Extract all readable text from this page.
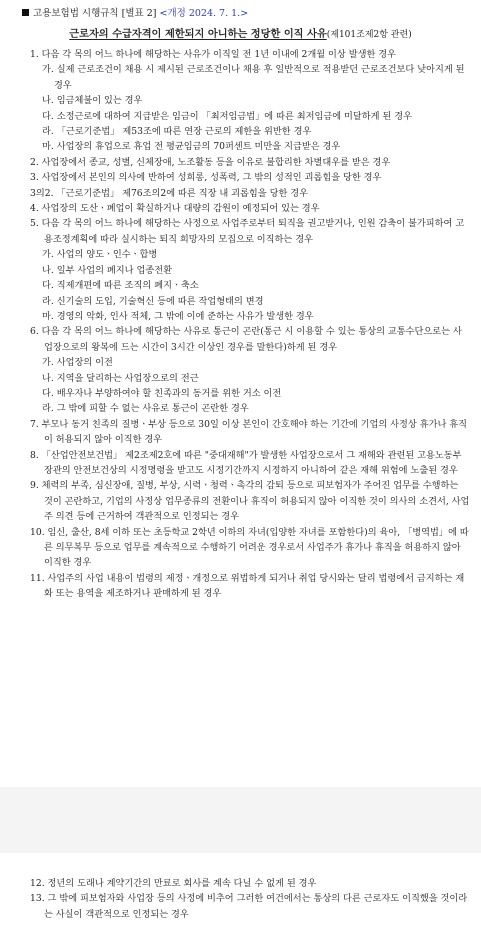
고용보험법 시행규칙 [별표 2] <개정 2024. 7. 1.>
근로자의 수급자격이 제한되지 아니하는 정당한 이직 사유(제101조제2항 관련)

1. 다음 각 목의 어느 하나에 해당하는 사유가 이직일 전 1년 이내에 2개월 이상 발생한 경우

가. 실제 근로조건이 채용 시 제시된 근로조건이나 채용 후 일반적으로 적용받던 근로조건보다 낮아지게 된 경우

나. 임금체불이 있는 경우

다. 소정근로에 대하여 지급받은 임금이 「최저임금법」에 따른 최저임금에 미달하게 된 경우

라. 「근로기준법」 제53조에 따른 연장 근로의 제한을 위반한 경우

마. 사업장의 휴업으로 휴업 전 평균임금의 70퍼센트 미만을 지급받은 경우

2. 사업장에서 종교, 성별, 신체장애, 노조활동 등을 이유로 불합리한 차별대우를 받은 경우

3. 사업장에서 본인의 의사에 반하여 성희롱, 성폭력, 그 밖의 성적인 괴롭힘을 당한 경우

3의2. 「근로기준법」 제76조의2에 따른 직장 내 괴롭힘을 당한 경우

4. 사업장의 도산ㆍ폐업이 확실하거나 대량의 감원이 예정되어 있는 경우

5. 다음 각 목의 어느 하나에 해당하는 사정으로 사업주로부터 퇴직을 권고받거나, 인원 감축이 불가피하여 고용조정계획에 따라 실시하는 퇴직 희망자의 모집으로 이직하는 경우

가. 사업의 양도ㆍ인수ㆍ합병

나. 일부 사업의 폐지나 업종전환

다. 직제개편에 따른 조직의 폐지ㆍ축소

라. 신기술의 도입, 기술혁신 등에 따른 작업형태의 변경

마. 경영의 악화, 인사 적체, 그 밖에 이에 준하는 사유가 발생한 경우

6. 다음 각 목의 어느 하나에 해당하는 사유로 통근이 곤란(통근 시 이용할 수 있는 통상의 교통수단으로는 사업장으로의 왕복에 드는 시간이 3시간 이상인 경우를 말한다)하게 된 경우

가. 사업장의 이전

나. 지역을 달리하는 사업장으로의 전근

다. 배우자나 부양하여야 할 친족과의 동거를 위한 거소 이전

라. 그 밖에 피할 수 없는 사유로 통근이 곤란한 경우

7. 부모나 동거 친족의 질병ㆍ부상 등으로 30일 이상 본인이 간호해야 하는 기간에 기업의 사정상 휴가나 휴직이 허용되지 않아 이직한 경우

8. 「산업안전보건법」 제2조제2호에 따른 "중대재해"가 발생한 사업장으로서 그 재해와 관련된 고용노동부장관의 안전보건상의 시정명령을 받고도 시정기간까지 시정하지 아니하여 같은 재해 위험에 노출된 경우

9. 체력의 부족, 심신장애, 질병, 부상, 시력ㆍ청력ㆍ촉각의 감퇴 등으로 피보험자가 주어진 업무를 수행하는 것이 곤란하고, 기업의 사정상 업무종류의 전환이나 휴직이 허용되지 않아 이직한 것이 의사의 소견서, 사업주 의견 등에 근거하여 객관적으로 인정되는 경우

10. 임신, 출산, 8세 이하 또는 초등학교 2학년 이하의 자녀(입양한 자녀를 포함한다)의 육아, 「병역법」에 따른 의무복무 등으로 업무를 계속적으로 수행하기 어려운 경우로서 사업주가 휴가나 휴직을 허용하지 않아 이직한 경우

11. 사업주의 사업 내용이 법령의 제정ㆍ개정으로 위법하게 되거나 취업 당시와는 달리 법령에서 금지하는 재화 또는 용역을 제조하거나 판매하게 된 경우

12. 정년의 도래나 계약기간의 만료로 회사를 계속 다닐 수 없게 된 경우

13. 그 밖에 피보험자와 사업장 등의 사정에 비추어 그러한 여건에서는 통상의 다른 근로자도 이직했을 것이라는 사실이 객관적으로 인정되는 경우
